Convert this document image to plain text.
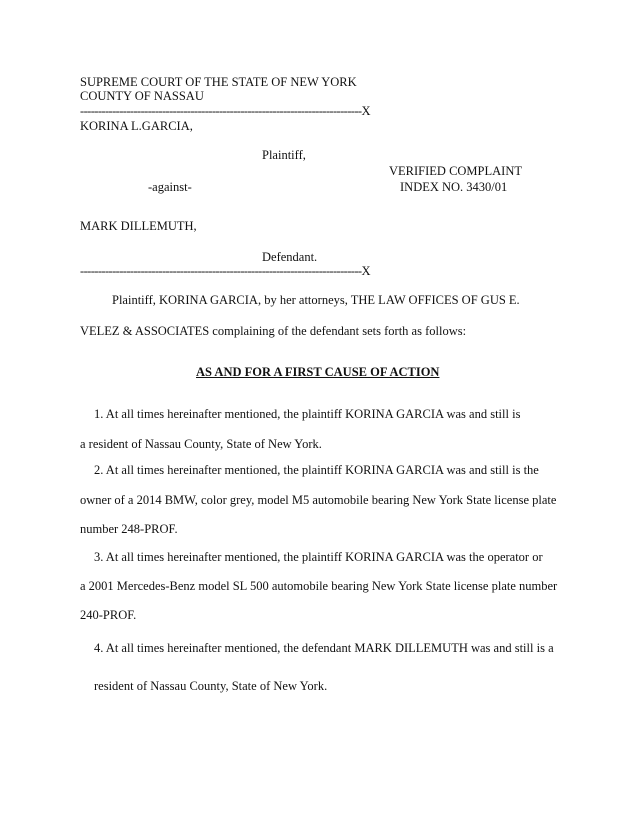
SUPREME COURT OF THE STATE OF NEW YORK
COUNTY OF NASSAU
-------------------------------------------------------------------------------X
KORINA L.GARCIA,
Plaintiff,
VERIFIED COMPLAINT
-against-	INDEX NO. 3430/01
MARK DILLEMUTH,
Defendant.
-------------------------------------------------------------------------------X
Plaintiff, KORINA GARCIA, by her attorneys, THE LAW OFFICES OF GUS E.
VELEZ & ASSOCIATES complaining of the defendant sets forth as follows:
AS AND FOR A FIRST CAUSE OF ACTION
1. At all times hereinafter mentioned, the plaintiff KORINA GARCIA was and still is
a resident of Nassau County, State of New York.
2. At all times hereinafter mentioned, the plaintiff KORINA GARCIA was and still is the
owner of a 2014 BMW, color grey, model M5 automobile bearing New York State license plate
number 248-PROF.
3. At all times hereinafter mentioned, the plaintiff KORINA GARCIA was the operator or
a 2001 Mercedes-Benz model SL 500 automobile bearing New York State license plate number
240-PROF.
4. At all times hereinafter mentioned, the defendant MARK DILLEMUTH was and still is a
resident of Nassau County, State of New York.
